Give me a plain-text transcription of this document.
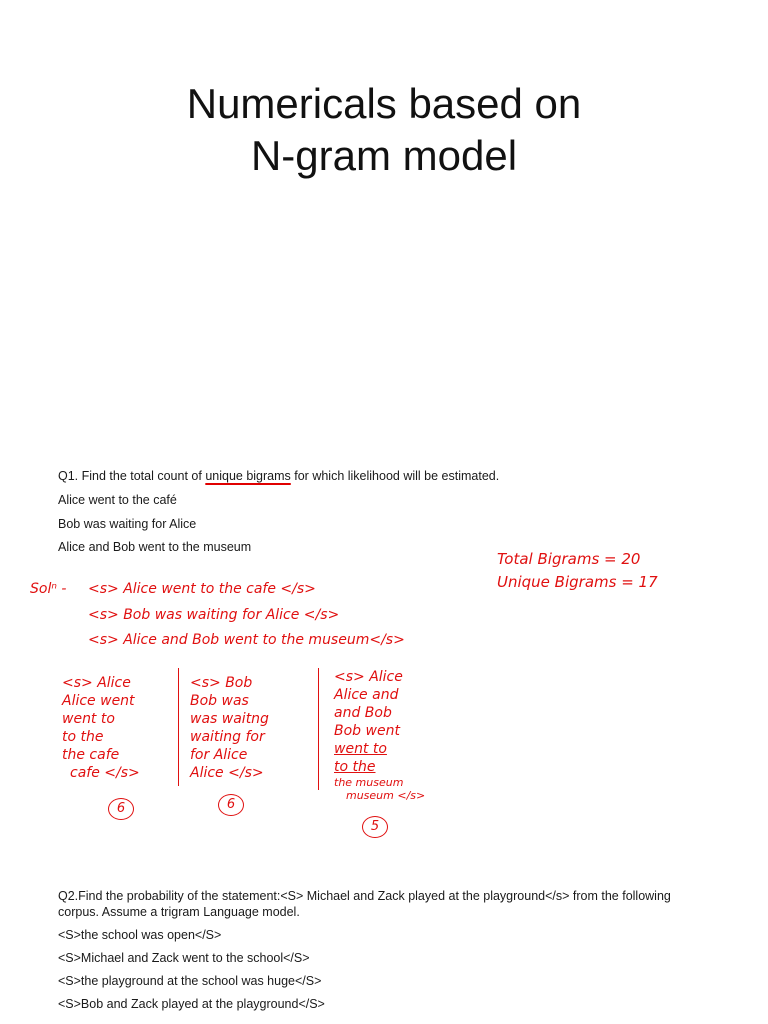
Numericals based on
N-gram model
Q1. Find the total count of unique bigrams for which likelihood will be estimated.
Alice went to the café
Bob was waiting for Alice
Alice and Bob went to the museum
Total Bigrams = 20
Unique Bigrams = 17
Solⁿ - <s> Alice went to the cafe </s>
<s> Bob was waiting for Alice </s>
<s> Alice and Bob went to the museum</s>
<s> Alice
Alice went
went to
to the
the cafe
cafe </s>
<s> Bob
Bob was
was waitng
waiting for
for Alice
Alice </s>
<s> Alice
Alice and
and Bob
Bob went
went to
to the
the museum
museum </s>
6	6
5

Q2.Find the probability of the statement:<S> Michael and Zack played at the playground</s> from the following corpus. Assume a trigram Language model.

<S>the school was open</S>

<S>Michael and Zack went to the school</S>

<S>the playground at the school was huge</S>

<S>Bob and Zack played at the playground</S>
